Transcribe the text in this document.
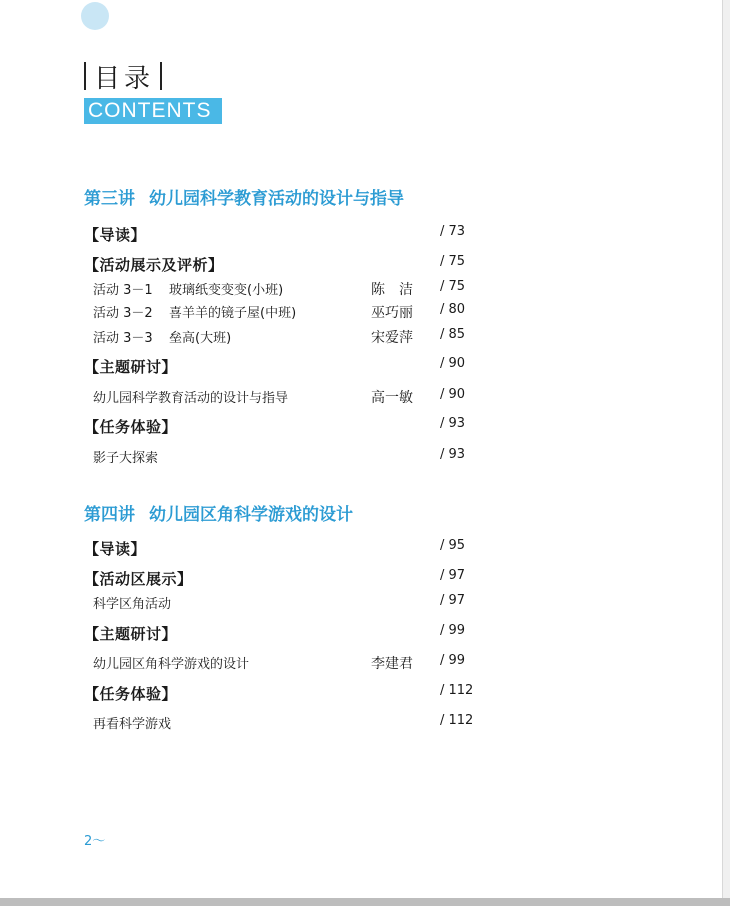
目录
CONTENTS
第三讲 幼儿园科学教育活动的设计与指导
【导读】	/ 73
【活动展示及评析】	/ 75
活动 3－1 玻璃纸变变变(小班)	陈　洁 / 75
活动 3－2 喜羊羊的镜子屋(中班)	巫巧丽 / 80
活动 3－3 垒高(大班)	宋爱萍 / 85
【主题研讨】	/ 90
幼儿园科学教育活动的设计与指导	高一敏 / 90
【任务体验】	/ 93
影子大探索	/ 93
第四讲 幼儿园区角科学游戏的设计
【导读】	/ 95
【活动区展示】	/ 97
科学区角活动	/ 97
【主题研讨】	/ 99
幼儿园区角科学游戏的设计	李建君 / 99
【任务体验】	/ 112
再看科学游戏	/ 112
2～
